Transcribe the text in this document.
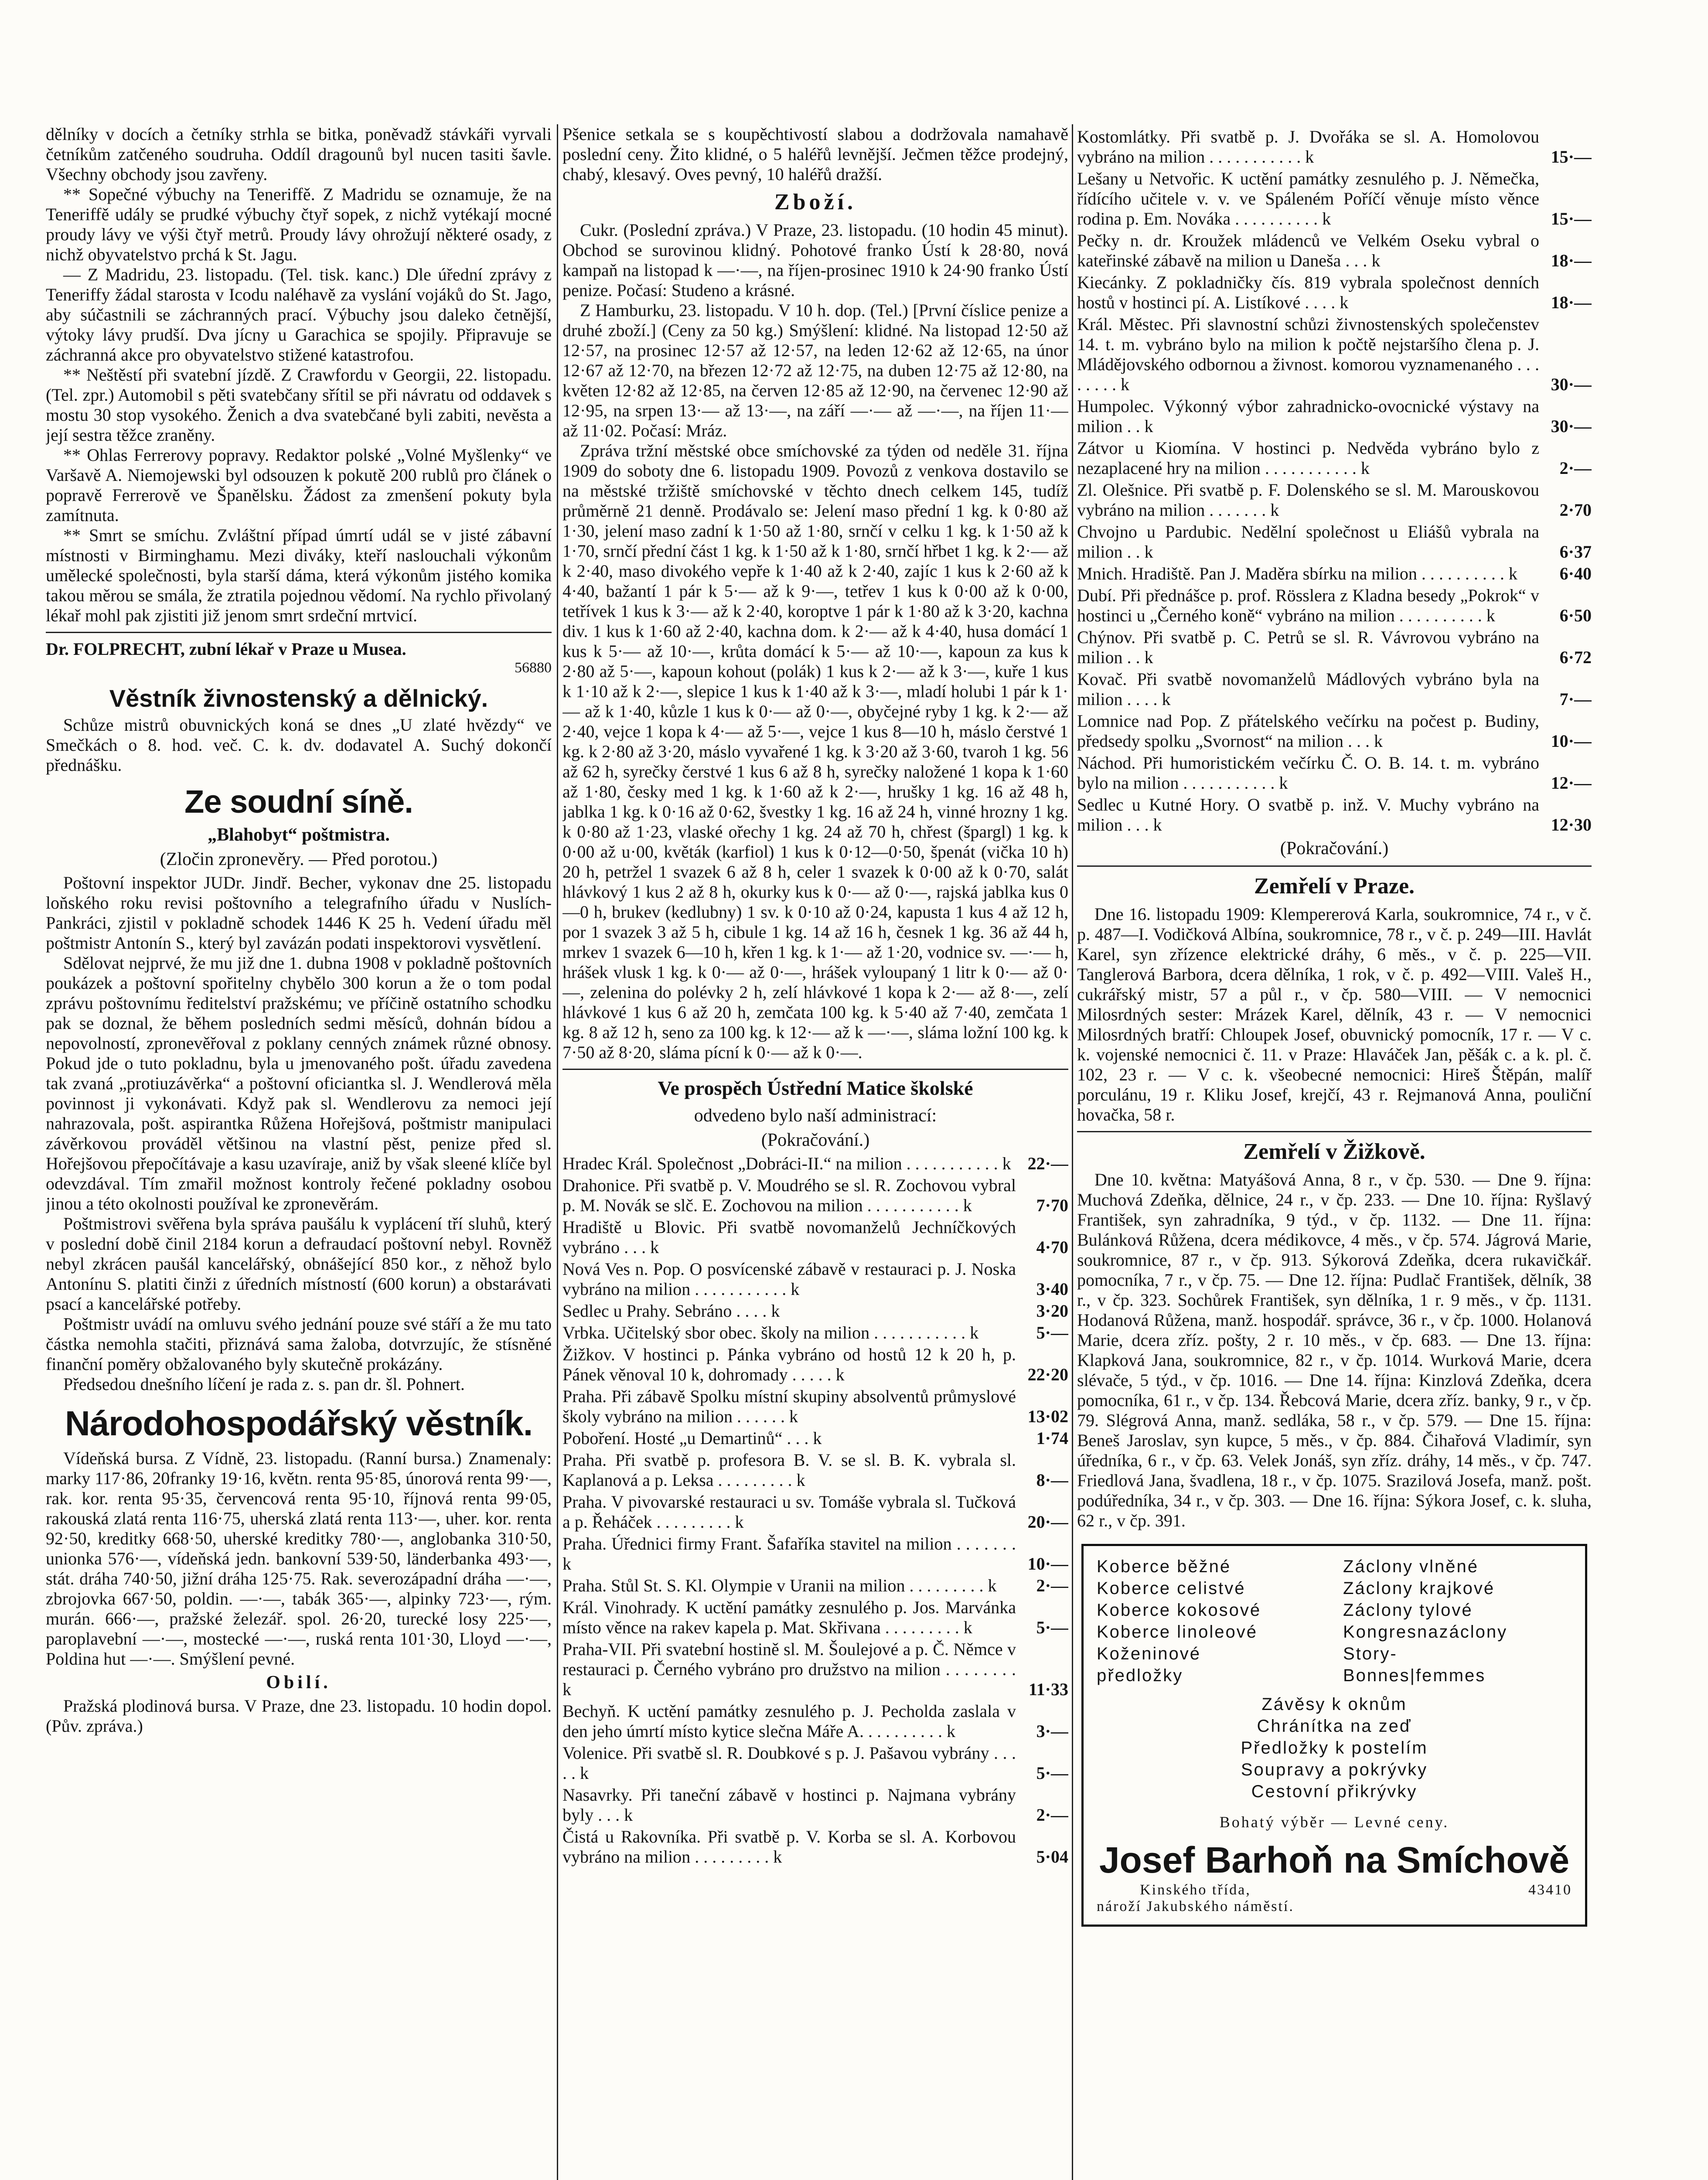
dělníky v docích a četníky strhla se bitka, poněvadž stávkáři vyrvali četníkům zatčeného soudruha. Oddíl dragounů byl nucen tasiti šavle. Všechny obchody jsou zavřeny.

** Sopečné výbuchy na Teneriffě. Z Madridu se oznamuje, že na Teneriffě udály se prudké výbuchy čtyř sopek, z nichž vytékají mocné proudy lávy ve výši čtyř metrů. Proudy lávy ohrožují některé osady, z nichž obyvatelstvo prchá k St. Jagu.

— Z Madridu, 23. listopadu. (Tel. tisk. kanc.) Dle úřední zprávy z Teneriffy žádal starosta v Icodu naléhavě za vyslání vojáků do St. Jago, aby súčastnili se záchranných prací. Výbuchy jsou daleko četnější, výtoky lávy prudší. Dva jícny u Garachica se spojily. Připravuje se záchranná akce pro obyvatelstvo stižené katastrofou.

** Neštěstí při svatební jízdě. Z Crawfordu v Georgii, 22. listopadu. (Tel. zpr.) Automobil s pěti svatebčany sřítil se při návratu od oddavek s mostu 30 stop vysokého. Ženich a dva svatebčané byli zabiti, nevěsta a její sestra těžce zraněny.

** Ohlas Ferrerovy popravy. Redaktor polské „Volné Myšlenky“ ve Varšavě A. Niemojewski byl odsouzen k pokutě 200 rublů pro článek o popravě Ferrerově ve Španělsku. Žádost za zmenšení pokuty byla zamítnuta.

** Smrt se smíchu. Zvláštní případ úmrtí udál se v jisté zábavní místnosti v Birminghamu. Mezi diváky, kteří naslouchali výkonům umělecké společnosti, byla starší dáma, která výkonům jistého komika takou měrou se smála, že ztratila pojednou vědomí. Na rychlo přivolaný lékař mohl pak zjistiti již jenom smrt srdeční mrtvicí.

Dr. FOLPRECHT, zubní lékař v Praze u Musea.

56880

Věstník živnostenský a dělnický.

Schůze mistrů obuvnických koná se dnes „U zlaté hvězdy“ ve Smečkách o 8. hod. več. C. k. dv. dodavatel A. Suchý dokončí přednášku.

Ze soudní síně.
„Blahobyt“ poštmistra.
(Zločin zpronevěry. — Před porotou.)

Poštovní inspektor JUDr. Jindř. Becher, vykonav dne 25. listopadu loňského roku revisi poštovního a telegrafního úřadu v Nuslích-Pankráci, zjistil v pokladně schodek 1446 K 25 h. Vedení úřadu měl poštmistr Antonín S., který byl zavázán podati inspektorovi vysvětlení.

Sdělovat nejprvé, že mu již dne 1. dubna 1908 v pokladně poštovních poukázek a poštovní spořitelny chybělo 300 korun a že o tom podal zprávu poštovnímu ředitelství pražskému; ve příčině ostatního schodku pak se doznal, že během posledních sedmi měsíců, dohnán bídou a nepovolností, zpronevěřoval z poklany cenných známek různé obnosy. Pokud jde o tuto pokladnu, byla u jmenovaného pošt. úřadu zavedena tak zvaná „protiuzávěrka“ a poštovní oficiantka sl. J. Wendlerová měla povinnost ji vykonávati. Když pak sl. Wendlerovu za nemoci její nahrazovala, pošt. aspirantka Růžena Hořejšová, poštmistr manipulaci závěrkovou prováděl většinou na vlastní pěst, penize před sl. Hořejšovou přepočítávaje a kasu uzavíraje, aniž by však sleené klíče byl odevzdával. Tím zmařil možnost kontroly řečené pokladny osobou jinou a této okolnosti používal ke zpronevěrám.

Poštmistrovi svěřena byla správa paušálu k vyplácení tří sluhů, který v poslední době činil 2184 korun a defraudací poštovní nebyl. Rovněž nebyl zkrácen paušál kancelářský, obnášející 850 kor., z něhož bylo Antonínu S. platiti činži z úředních místností (600 korun) a obstarávati psací a kancelářské potřeby.

Poštmistr uvádí na omluvu svého jednání pouze své stáří a že mu tato částka nemohla stačiti, přiznává sama žaloba, dotvrzujíc, že stísněné finanční poměry obžalovaného byly skutečně prokázány.

Předsedou dnešního líčení je rada z. s. pan dr. šl. Pohnert.

Národohospodářský věstník.

Vídeňská bursa. Z Vídně, 23. listopadu. (Ranní bursa.) Znamenaly: marky 117·86, 20franky 19·16, květn. renta 95·85, únorová renta 99·—, rak. kor. renta 95·35, červencová renta 95·10, říjnová renta 99·05, rakouská zlatá renta 116·75, uherská zlatá renta 113·—, uher. kor. renta 92·50, kreditky 668·50, uherské kreditky 780·—, anglobanka 310·50, unionka 576·—, vídeňská jedn. bankovní 539·50, länderbanka 493·—, stát. dráha 740·50, jižní dráha 125·75. Rak. severozápadní dráha —·—, zbrojovka 667·50, poldin. —·—, tabák 365·—, alpinky 723·—, rým. murán. 666·—, pražské železář. spol. 26·20, turecké losy 225·—, paroplavební —·—, mostecké —·—, ruská renta 101·30, Lloyd —·—, Poldina hut —·—. Smýšlení pevné.

Obilí.

Pražská plodinová bursa. V Praze, dne 23. listopadu. 10 hodin dopol. (Pův. zpráva.)

Pšenice setkala se s koupěchtivostí slabou a dodržovala namahavě poslední ceny. Žito klidné, o 5 haléřů levnější. Ječmen těžce prodejný, chabý, klesavý. Oves pevný, 10 haléřů dražší.

Zboží.

Cukr. (Poslední zpráva.) V Praze, 23. listopadu. (10 hodin 45 minut). Obchod se surovinou klidný. Pohotové franko Ústí k 28·80, nová kampaň na listopad k —·—, na říjen-prosinec 1910 k 24·90 franko Ústí penize. Počasí: Studeno a krásné.

Z Hamburku, 23. listopadu. V 10 h. dop. (Tel.) [První číslice penize a druhé zboží.] (Ceny za 50 kg.) Smýšlení: klidné. Na listopad 12·50 až 12·57, na prosinec 12·57 až 12·57, na leden 12·62 až 12·65, na únor 12·67 až 12·70, na březen 12·72 až 12·75, na duben 12·75 až 12·80, na květen 12·82 až 12·85, na červen 12·85 až 12·90, na červenec 12·90 až 12·95, na srpen 13·— až 13·—, na září —·— až —·—, na říjen 11·— až 11·02. Počasí: Mráz.

Zpráva tržní městské obce smíchovské za týden od neděle 31. října 1909 do soboty dne 6. listopadu 1909. Povozů z venkova dostavilo se na městské tržiště smíchovské v těchto dnech celkem 145, tudíž průměrně 21 denně. Prodávalo se: Jelení maso přední 1 kg. k 0·80 až 1·30, jelení maso zadní k 1·50 až 1·80, srnčí v celku 1 kg. k 1·50 až k 1·70, srnčí přední část 1 kg. k 1·50 až k 1·80, srnčí hřbet 1 kg. k 2·— až k 2·40, maso divokého vepře k 1·40 až k 2·40, zajíc 1 kus k 2·60 až k 4·40, bažantí 1 pár k 5·— až k 9·—, tetřev 1 kus k 0·00 až k 0·00, tetřívek 1 kus k 3·— až k 2·40, koroptve 1 pár k 1·80 až k 3·20, kachna div. 1 kus k 1·60 až 2·40, kachna dom. k 2·— až k 4·40, husa domácí 1 kus k 5·— až 10·—, krůta domácí k 5·— až 10·—, kapoun za kus k 2·80 až 5·—, kapoun kohout (polák) 1 kus k 2·— až k 3·—, kuře 1 kus k 1·10 až k 2·—, slepice 1 kus k 1·40 až k 3·—, mladí holubi 1 pár k 1·— až k 1·40, kůzle 1 kus k 0·— až 0·—, obyčejné ryby 1 kg. k 2·— až 2·40, vejce 1 kopa k 4·— až 5·—, vejce 1 kus 8—10 h, máslo čerstvé 1 kg. k 2·80 až 3·20, máslo vyvařené 1 kg. k 3·20 až 3·60, tvaroh 1 kg. 56 až 62 h, syrečky čerstvé 1 kus 6 až 8 h, syrečky naložené 1 kopa k 1·60 až 1·80, česky med 1 kg. k 1·60 až k 2·—, hrušky 1 kg. 16 až 48 h, jablka 1 kg. k 0·16 až 0·62, švestky 1 kg. 16 až 24 h, vinné hrozny 1 kg. k 0·80 až 1·23, vlaské ořechy 1 kg. 24 až 70 h, chřest (špargl) 1 kg. k 0·00 až u·00, květák (karfiol) 1 kus k 0·12—0·50, špenát (vička 10 h) 20 h, petržel 1 svazek 6 až 8 h, celer 1 svazek k 0·00 až k 0·70, salát hlávkový 1 kus 2 až 8 h, okurky kus k 0·— až 0·—, rajská jablka kus 0—0 h, brukev (kedlubny) 1 sv. k 0·10 až 0·24, kapusta 1 kus 4 až 12 h, por 1 svazek 3 až 5 h, cibule 1 kg. 14 až 16 h, česnek 1 kg. 36 až 44 h, mrkev 1 svazek 6—10 h, křen 1 kg. k 1·— až 1·20, vodnice sv. —·— h, hrášek vlusk 1 kg. k 0·— až 0·—, hrášek vyloupaný 1 litr k 0·— až 0·—, zelenina do polévky 2 h, zelí hlávkové 1 kopa k 2·— až 8·—, zelí hlávkové 1 kus 6 až 20 h, zemčata 100 kg. k 5·40 až 7·40, zemčata 1 kg. 8 až 12 h, seno za 100 kg. k 12·— až k —·—, sláma ložní 100 kg. k 7·50 až 8·20, sláma pícní k 0·— až k 0·—.

Ve prospěch Ústřední Matice školské
odvedeno bylo naší administrací:
(Pokračování.)
Hradec Král. Společnost „Dobráci-II.“ na milion . . . . . . . . . . . k 22·—
Drahonice. Při svatbě p. V. Moudrého se sl. R. Zochovou vybral p. M. Novák se slč. E. Zochovou na milion . . . . . . . . . . . k	7·70
Hradiště u Blovic. Při svatbě novomanželů Jechníčkových vybráno . . . k	4·70
Nová Ves n. Pop. O posvícenské zábavě v restauraci p. J. Noska vybráno na milion . . . . . . . . . . . k	3·40
Sedlec u Prahy. Sebráno . . . . k	3·20
Vrbka. Učitelský sbor obec. školy na milion . . . . . . . . . . . k	5·—
Žižkov. V hostinci p. Pánka vybráno od hostů 12 k 20 h, p. Pánek věnoval 10 k, dohromady . . . . . k	22·20
Praha. Při zábavě Spolku místní skupiny absolventů průmyslové školy vybráno na milion . . . . . . k	13·02
Poboření. Hosté „u Demartinů“ . . . k	1·74
Praha. Při svatbě p. profesora B. V. se sl. B. K. vybrala sl. Kaplanová a p. Leksa . . . . . . . . . k	8·—
Praha. V pivovarské restauraci u sv. Tomáše vybrala sl. Tučková a p. Řeháček . . . . . . . . . k	20·—
Praha. Úřednici firmy Frant. Šafaříka stavitel na milion . . . . . . . k	10·—
Praha. Stůl St. S. Kl. Olympie v Uranii na milion . . . . . . . . . k	2·—
Král. Vinohrady. K uctění památky zesnulého p. Jos. Marvánka místo věnce na rakev kapela p. Mat. Skřivana . . . . . . . . . k	5·—
Praha-VII. Při svatební hostině sl. M. Šoulejové a p. Č. Němce v restauraci p. Černého vybráno pro družstvo na milion . . . . . . . . k	11·33
Bechyň. K uctění památky zesnulého p. J. Pecholda zaslala v den jeho úmrtí místo kytice slečna Máře A. . . . . . . . . . k	3·—
Volenice. Při svatbě sl. R. Doubkové s p. J. Pašavou vybrány . . . . . k	5·—
Nasavrky. Při taneční zábavě v hostinci p. Najmana vybrány byly . . . k	2·—
Čistá u Rakovníka. Při svatbě p. V. Korba se sl. A. Korbovou vybráno na milion . . . . . . . . . k	5·04
Kostomlátky. Při svatbě p. J. Dvořáka se sl. A. Homolovou vybráno na milion . . . . . . . . . . . k	15·—
Lešany u Netvořic. K uctění památky zesnulého p. J. Němečka, řídícího učitele v. v. ve Spáleném Poříčí věnuje místo věnce rodina p. Em. Nováka . . . . . . . . . . k	15·—
Pečky n. dr. Kroužek mládenců ve Velkém Oseku vybral o kateřinské zábavě na milion u Daneša . . . k	18·—
Kiecánky. Z pokladničky čís. 819 vybrala společnost denních hostů v hostinci pí. A. Listíkové . . . . k	18·—
Král. Městec. Při slavnostní schůzi živnostenských společenstev 14. t. m. vybráno bylo na milion k počtě nejstaršího člena p. J. Mládějovského odbornou a živnost. komorou vyznamenaného . . . . . . . . k	30·—
Humpolec. Výkonný výbor zahradnicko-ovocnické výstavy na milion . . k	30·—
Zátvor u Kiomína. V hostinci p. Nedvěda vybráno bylo z nezaplacené hry na milion . . . . . . . . . . . k	2·—
Zl. Olešnice. Při svatbě p. F. Dolenského se sl. M. Marouskovou vybráno na milion . . . . . . . k	2·70
Chvojno u Pardubic. Nedělní společnost u Eliášů vybrala na milion . . k	6·37
Mnich. Hradiště. Pan J. Maděra sbírku na milion . . . . . . . . . . k	6·40
Dubí. Při přednášce p. prof. Rösslera z Kladna besedy „Pokrok“ v hostinci u „Černého koně“ vybráno na milion . . . . . . . . . . k	6·50
Chýnov. Při svatbě p. C. Petrů se sl. R. Vávrovou vybráno na milion . . k	6·72
Kovač. Při svatbě novomanželů Mádlových vybráno byla na milion . . . . k	7·—
Lomnice nad Pop. Z přátelského večírku na počest p. Budiny, předsedy spolku „Svornost“ na milion . . . k	10·—
Náchod. Při humoristickém večírku Č. O. B. 14. t. m. vybráno bylo na milion . . . . . . . . . . . k	12·—
Sedlec u Kutné Hory. O svatbě p. inž. V. Muchy vybráno na milion . . . k	12·30
(Pokračování.)
Zemřelí v Praze.

Dne 16. listopadu 1909: Klempererová Karla, soukromnice, 74 r., v č. p. 487—I. Vodičková Albína, soukromnice, 78 r., v č. p. 249—III. Havlát Karel, syn zřízence elektrické dráhy, 6 měs., v č. p. 225—VII. Tanglerová Barbora, dcera dělníka, 1 rok, v č. p. 492—VIII. Valeš H., cukrářský mistr, 57 a půl r., v čp. 580—VIII. — V nemocnici Milosrdných sester: Mrázek Karel, dělník, 43 r. — V nemocnici Milosrdných bratří: Chloupek Josef, obuvnický pomocník, 17 r. — V c. k. vojenské nemocnici č. 11. v Praze: Hlaváček Jan, pěšák c. a k. pl. č. 102, 23 r. — V c. k. všeobecné nemocnici: Hireš Štěpán, malíř porculánu, 19 r. Kliku Josef, krejčí, 43 r. Rejmanová Anna, pouliční hovačka, 58 r.

Zemřelí v Žižkově.

Dne 10. května: Matyášová Anna, 8 r., v čp. 530. — Dne 9. října: Muchová Zdeňka, dělnice, 24 r., v čp. 233. — Dne 10. října: Ryšlavý František, syn zahradníka, 9 týd., v čp. 1132. — Dne 11. října: Bulánková Růžena, dcera médikovce, 4 měs., v čp. 574. Jágrová Marie, soukromnice, 87 r., v čp. 913. Sýkorová Zdeňka, dcera rukavičkář. pomocníka, 7 r., v čp. 75. — Dne 12. října: Pudlač František, dělník, 38 r., v čp. 323. Sochůrek František, syn dělníka, 1 r. 9 měs., v čp. 1131. Hodanová Růžena, manž. hospodář. správce, 36 r., v čp. 1000. Holanová Marie, dcera zříz. pošty, 2 r. 10 měs., v čp. 683. — Dne 13. října: Klapková Jana, soukromnice, 82 r., v čp. 1014. Wurková Marie, dcera slévače, 5 týd., v čp. 1016. — Dne 14. října: Kinzlová Zdeňka, dcera pomocníka, 61 r., v čp. 134. Řebcová Marie, dcera zříz. banky, 9 r., v čp. 79. Slégrová Anna, manž. sedláka, 58 r., v čp. 579. — Dne 15. října: Beneš Jaroslav, syn kupce, 5 měs., v čp. 884. Čihařová Vladimír, syn úředníka, 6 r., v čp. 63. Velek Jonáš, syn zříz. dráhy, 14 měs., v čp. 747. Friedlová Jana, švadlena, 18 r., v čp. 1075. Srazilová Josefa, manž. pošt. podúředníka, 34 r., v čp. 303. — Dne 16. října: Sýkora Josef, c. k. sluha, 62 r., v čp. 391.

Koberce běžné
Koberce celistvé
Koberce kokosové
Koberce linoleové
Koženinové
předložky
Záclony vlněné
Záclony krajkové
Záclony tylové
Kongresnazáclony
Story-
Bonnes|femmes
Závěsy k oknům
Chránítka na zeď
Předložky k postelím
Soupravy a pokrývky
Cestovní přikrývky
Bohatý výběr — Levné ceny.
Josef Barhoň na Smíchově
Kinského třída,
nároží Jakubského náměstí.
43410
